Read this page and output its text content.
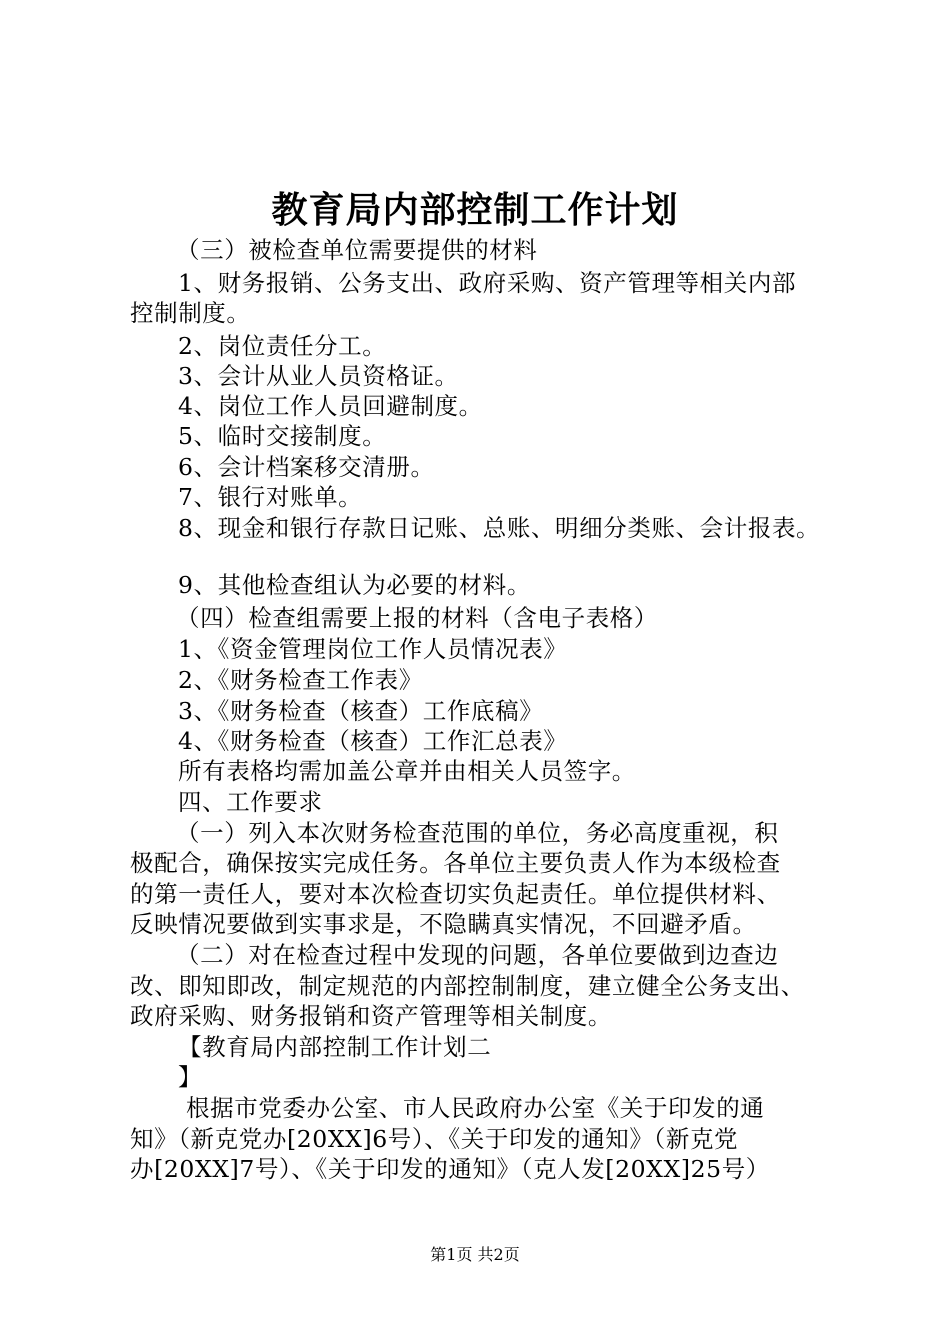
教育局内部控制工作计划
（三）被检查单位需要提供的材料
1、财务报销、公务支出、政府采购、资产管理等相关内部
控制制度。
2、岗位责任分工。
3、会计从业人员资格证。
4、岗位工作人员回避制度。
5、临时交接制度。
6、会计档案移交清册。
7、银行对账单。
8、现金和银行存款日记账、总账、明细分类账、会计报表。
9、其他检查组认为必要的材料。
（四）检查组需要上报的材料（含电子表格）
1、《资金管理岗位工作人员情况表》
2、《财务检查工作表》
3、《财务检查（核查）工作底稿》
4、《财务检查（核查）工作汇总表》
所有表格均需加盖公章并由相关人员签字。
四、工作要求
（一）列入本次财务检查范围的单位，务必高度重视，积
极配合，确保按实完成任务。各单位主要负责人作为本级检查
的第一责任人，要对本次检查切实负起责任。单位提供材料、
反映情况要做到实事求是，不隐瞒真实情况，不回避矛盾。
（二）对在检查过程中发现的问题，各单位要做到边查边
改、即知即改，制定规范的内部控制制度，建立健全公务支出、
政府采购、财务报销和资产管理等相关制度。
【教育局内部控制工作计划二
】
根据市党委办公室、市人民政府办公室《关于印发的通
知》（新克党办[20XX]6号）、《关于印发的通知》（新克党
办[20XX]7号）、《关于印发的通知》（克人发[20XX]25号）
第1页 共2页
